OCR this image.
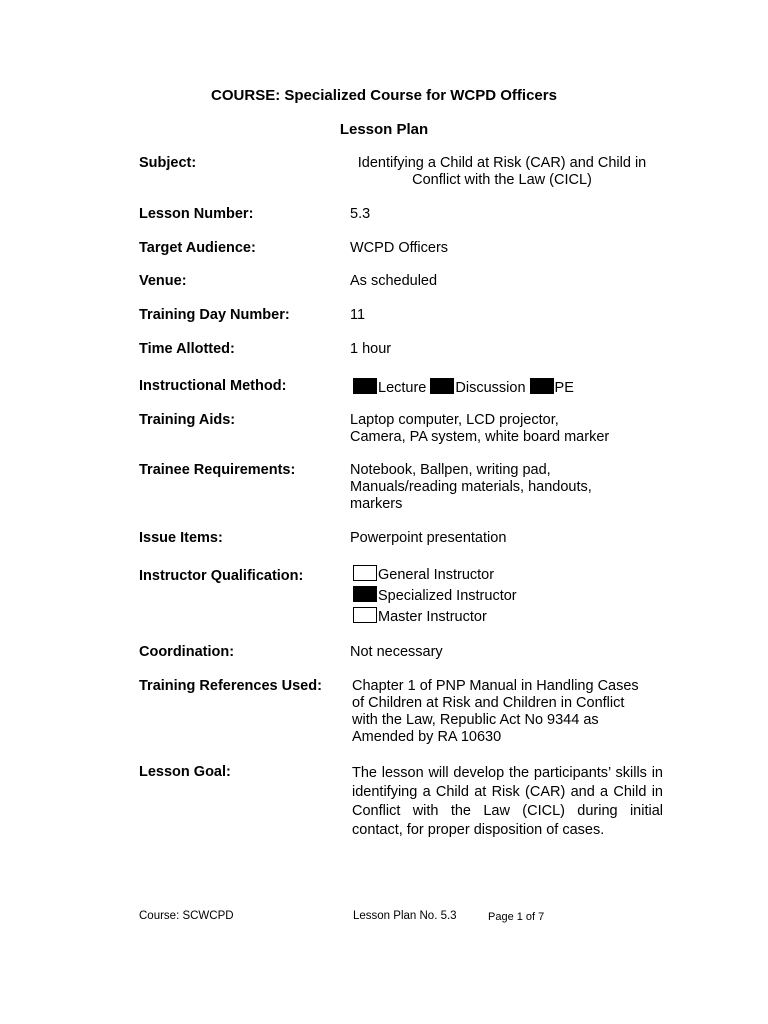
COURSE: Specialized Course for WCPD Officers
Lesson Plan
Subject:	Identifying a Child at Risk (CAR) and Child in
Conflict with the Law (CICL)
Lesson Number:	5.3
Target Audience:	WCPD Officers
Venue:	As scheduled
Training Day Number:	11
Time Allotted:	1 hour
Instructional Method:	Lecture Discussion PE
Training Aids:	Laptop computer, LCD projector,
Camera, PA system, white board marker
Trainee Requirements:	Notebook, Ballpen, writing pad,
Manuals/reading materials, handouts,
markers
Issue Items:	Powerpoint presentation
Instructor Qualification:	General Instructor
Specialized Instructor
Master Instructor
Coordination:	Not necessary
Training References Used:	Chapter 1 of PNP Manual in Handling Cases
of Children at Risk and Children in Conflict
with the Law, Republic Act No 9344 as
Amended by RA 10630
Lesson Goal:	The lesson will develop the participants’ skills in identifying a Child at Risk (CAR) and a Child in Conflict with the Law (CICL) during initial contact, for proper disposition of cases.
Course: SCWCPD	Lesson Plan No. 5.3	Page 1 of 7
